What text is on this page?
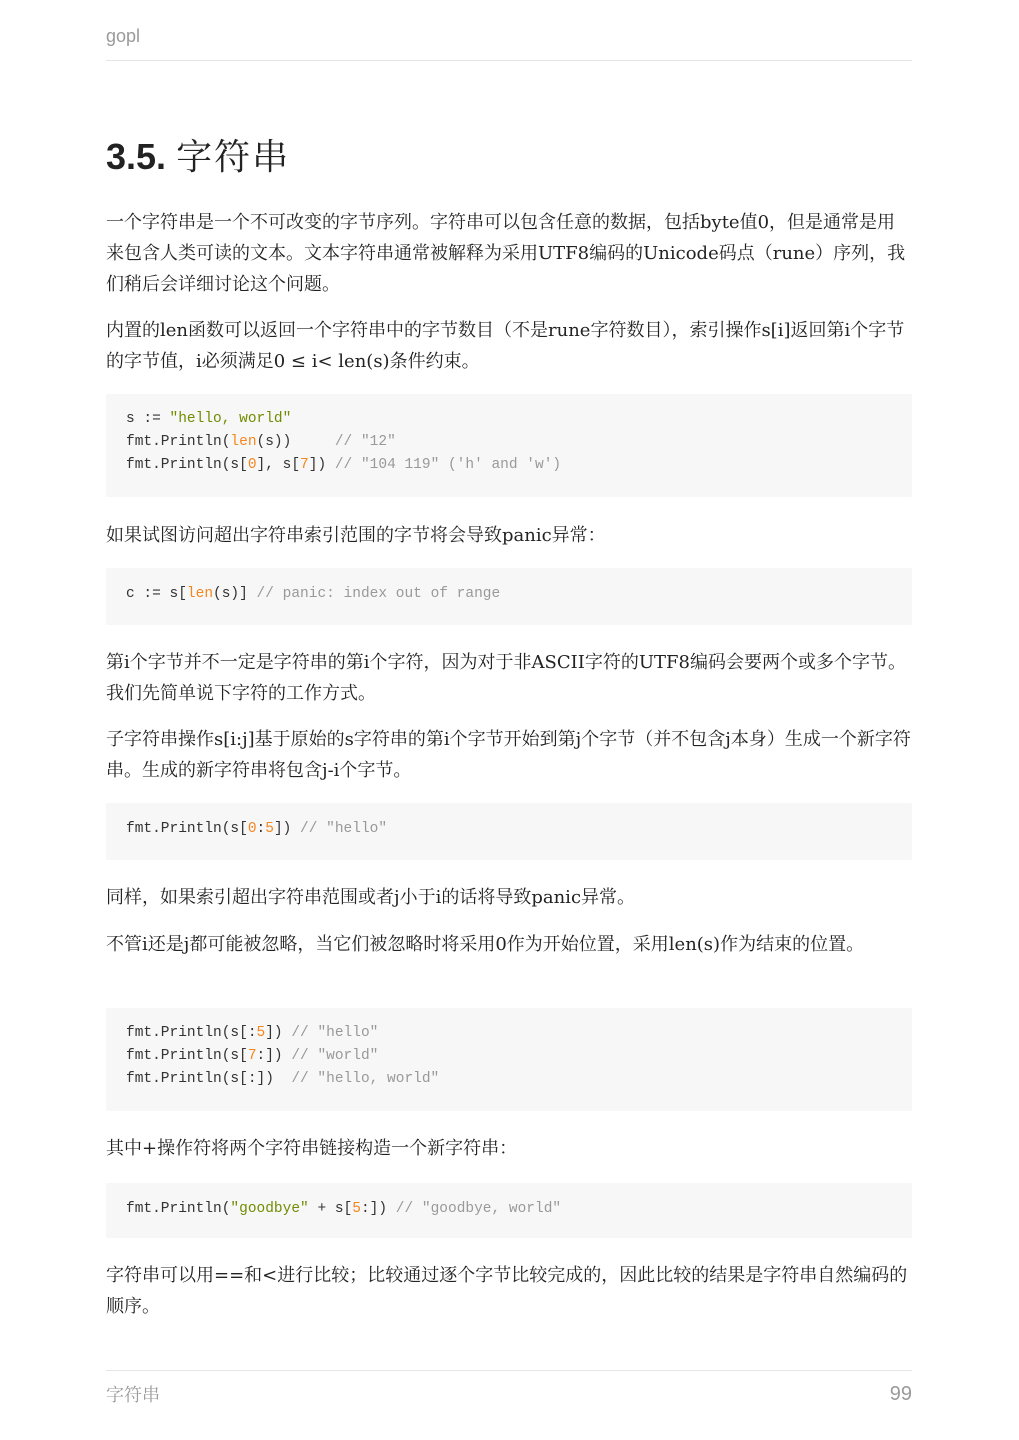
gopl
3.5. 字符串
一个字符串是一个不可改变的字节序列。字符串可以包含任意的数据，包括byte值0，但是通常是用来包含人类可读的文本。文本字符串通常被解释为采用UTF8编码的Unicode码点（rune）序列，我们稍后会详细讨论这个问题。
内置的len函数可以返回一个字符串中的字节数目（不是rune字符数目），索引操作s[i]返回第i个字节的字节值，i必须满足0 ≤ i< len(s)条件约束。
s := "hello, world"
fmt.Println(len(s))     // "12"
fmt.Println(s[0], s[7]) // "104 119" ('h' and 'w')
如果试图访问超出字符串索引范围的字节将会导致panic异常：
c := s[len(s)] // panic: index out of range
第i个字节并不一定是字符串的第i个字符，因为对于非ASCII字符的UTF8编码会要两个或多个字节。我们先简单说下字符的工作方式。
子字符串操作s[i:j]基于原始的s字符串的第i个字节开始到第j个字节（并不包含j本身）生成一个新字符串。生成的新字符串将包含j-i个字节。
fmt.Println(s[0:5]) // "hello"
同样，如果索引超出字符串范围或者j小于i的话将导致panic异常。
不管i还是j都可能被忽略，当它们被忽略时将采用0作为开始位置，采用len(s)作为结束的位置。
fmt.Println(s[:5]) // "hello"
fmt.Println(s[7:]) // "world"
fmt.Println(s[:])  // "hello, world"
其中+操作符将两个字符串链接构造一个新字符串：
fmt.Println("goodbye" + s[5:]) // "goodbye, world"
字符串可以用==和<进行比较；比较通过逐个字节比较完成的，因此比较的结果是字符串自然编码的顺序。
字符串	99
